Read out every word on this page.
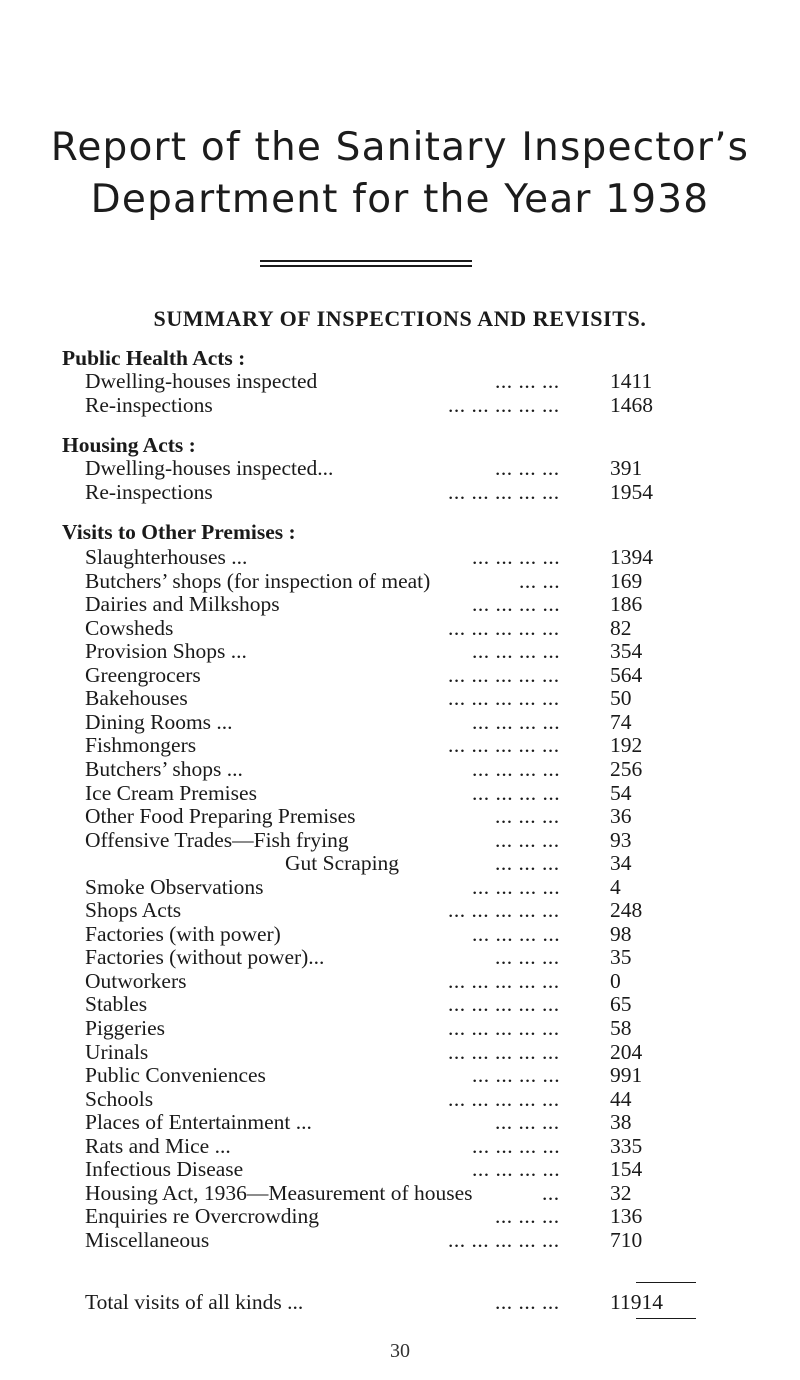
Report of the Sanitary Inspector’s
Department for the Year 1938
SUMMARY OF INSPECTIONS AND REVISITS.
Public Health Acts :
Dwelling-houses inspected	... ... ... 1411
Re-inspections	... ... ... ... ... 1468
Housing Acts :
Dwelling-houses inspected...	... ... ... 391
Re-inspections	... ... ... ... ... 1954
Visits to Other Premises :
Slaughterhouses ...	... ... ... ... 1394
Butchers’ shops (for inspection of meat)	... ... 169
Dairies and Milkshops	... ... ... ... 186
Cowsheds	... ... ... ... ... 82
Provision Shops ...	... ... ... ... 354
Greengrocers	... ... ... ... ... 564
Bakehouses	... ... ... ... ... 50
Dining Rooms ...	... ... ... ... 74
Fishmongers	... ... ... ... ... 192
Butchers’ shops ...	... ... ... ... 256
Ice Cream Premises	... ... ... ... 54
Other Food Preparing Premises	... ... ... 36
Offensive Trades—Fish frying	... ... ... 93
Gut Scraping	... ... ... 34
Smoke Observations	... ... ... ... 4
Shops Acts	... ... ... ... ... 248
Factories (with power)	... ... ... ... 98
Factories (without power)...	... ... ... 35
Outworkers	... ... ... ... ... 0
Stables	... ... ... ... ... 65
Piggeries	... ... ... ... ... 58
Urinals	... ... ... ... ... 204
Public Conveniences	... ... ... ... 991
Schools	... ... ... ... ... 44
Places of Entertainment ...	... ... ... 38
Rats and Mice ...	... ... ... ... 335
Infectious Disease	... ... ... ... 154
Housing Act, 1936—Measurement of houses	... 32
Enquiries re Overcrowding	... ... ... 136
Miscellaneous	... ... ... ... ... 710
Total visits of all kinds ...	... ... ... 11914
30
